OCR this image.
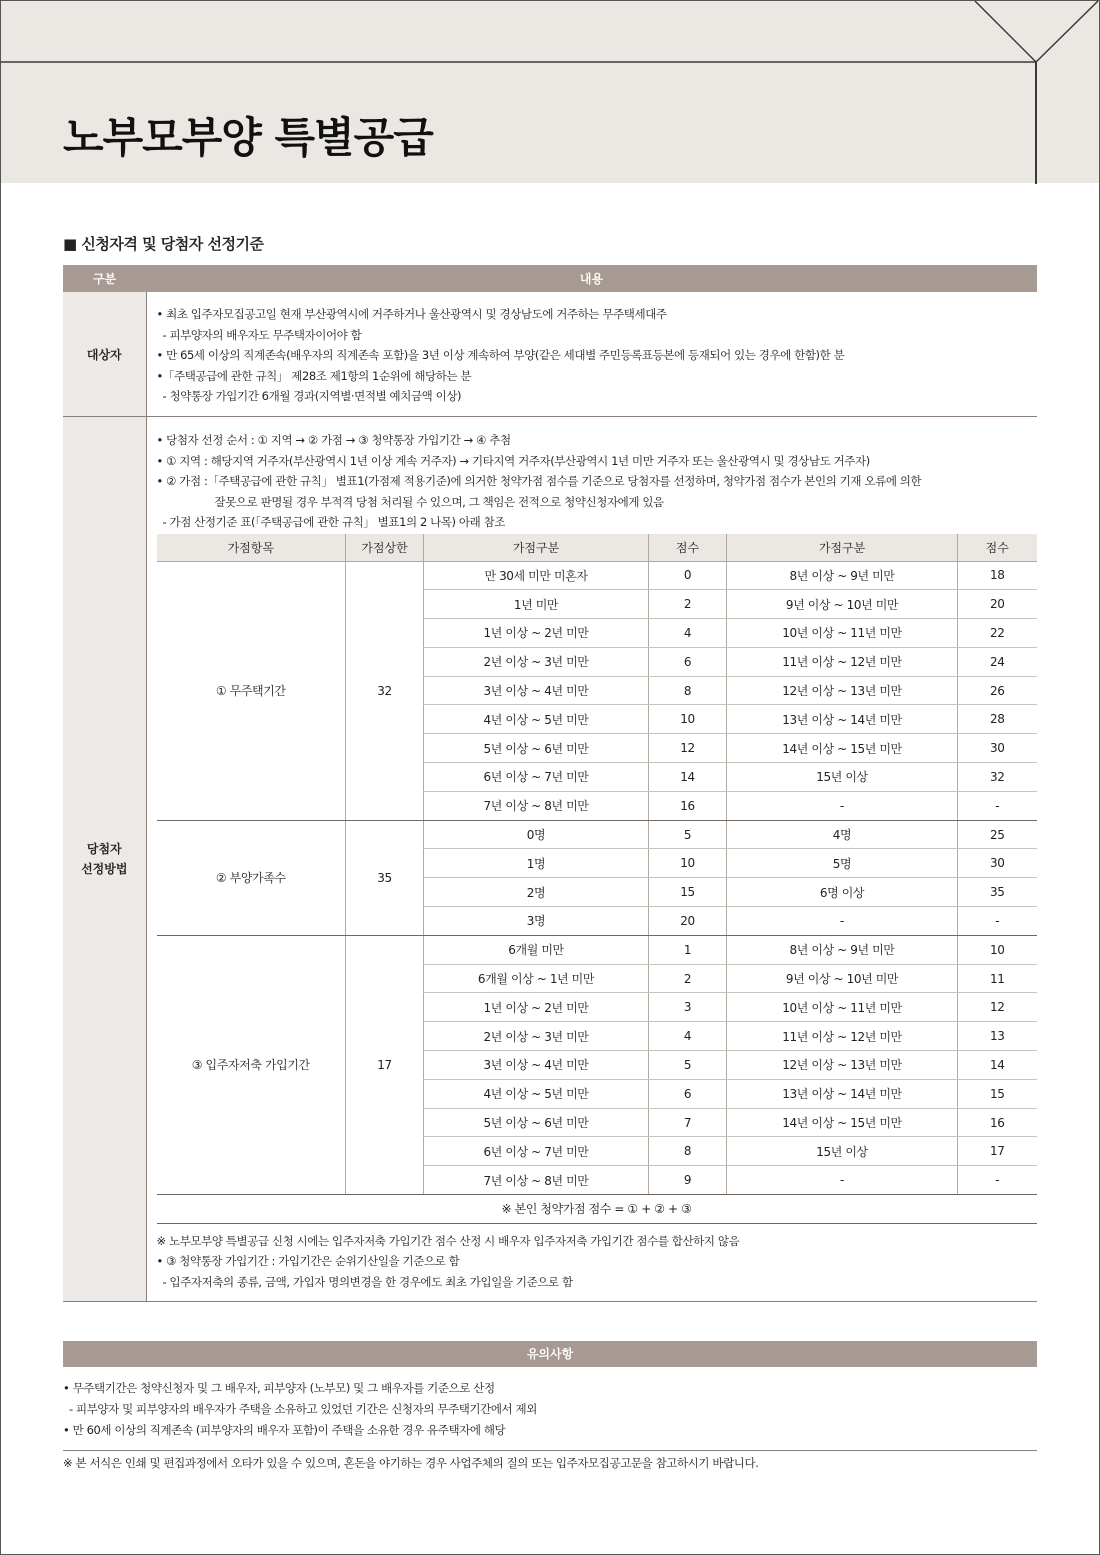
노부모부양 특별공급
■ 신청자격 및 당첨자 선정기준
구분	내용
대상자	
• 최초 입주자모집공고일 현재 부산광역시에 거주하거나 울산광역시 및 경상남도에 거주하는 무주택세대주
- 피부양자의 배우자도 무주택자이어야 함
• 만 65세 이상의 직계존속(배우자의 직계존속 포함)을 3년 이상 계속하여 부양(같은 세대별 주민등록표등본에 등재되어 있는 경우에 한함)한 분
•「주택공급에 관한 규칙」 제28조 제1항의 1순위에 해당하는 분
- 청약통장 가입기간 6개월 경과(지역별·면적별 예치금액 이상)

당첨자
선정방법

• 당첨자 선정 순서 : ① 지역 → ② 가점 → ③ 청약통장 가입기간 → ④ 추첨
• ① 지역 : 해당지역 거주자(부산광역시 1년 이상 계속 거주자) → 기타지역 거주자(부산광역시 1년 미만 거주자 또는 울산광역시 및 경상남도 거주자)
• ② 가점 :「주택공급에 관한 규칙」 별표1(가점제 적용기준)에 의거한 청약가점 점수를 기준으로 당첨자를 선정하며, 청약가점 점수가 본인의 기재 오류에 의한
잘못으로 판명될 경우 부적격 당첨 처리될 수 있으며, 그 책임은 전적으로 청약신청자에게 있음
- 가점 산정기준 표(「주택공급에 관한 규칙」 별표1의 2 나목) 아래 참조
가점항목	가점상한	가점구분	점수	가점구분	점수
① 무주택기간	32	만 30세 미만 미혼자	0	8년 이상 ~ 9년 미만	18
1년 미만	2	9년 이상 ~ 10년 미만	20
1년 이상 ~ 2년 미만	4	10년 이상 ~ 11년 미만	22
2년 이상 ~ 3년 미만	6	11년 이상 ~ 12년 미만	24
3년 이상 ~ 4년 미만	8	12년 이상 ~ 13년 미만	26
4년 이상 ~ 5년 미만	10	13년 이상 ~ 14년 미만	28
5년 이상 ~ 6년 미만	12	14년 이상 ~ 15년 미만	30
6년 이상 ~ 7년 미만	14	15년 이상	32
7년 이상 ~ 8년 미만	16	-	-
② 부양가족수	35	0명	5	4명	25
1명	10	5명	30
2명	15	6명 이상	35
3명	20	-	-
③ 입주자저축 가입기간	17	6개월 미만	1	8년 이상 ~ 9년 미만	10
6개월 이상 ~ 1년 미만	2	9년 이상 ~ 10년 미만	11
1년 이상 ~ 2년 미만	3	10년 이상 ~ 11년 미만	12
2년 이상 ~ 3년 미만	4	11년 이상 ~ 12년 미만	13
3년 이상 ~ 4년 미만	5	12년 이상 ~ 13년 미만	14
4년 이상 ~ 5년 미만	6	13년 이상 ~ 14년 미만	15
5년 이상 ~ 6년 미만	7	14년 이상 ~ 15년 미만	16
6년 이상 ~ 7년 미만	8	15년 이상	17
7년 이상 ~ 8년 미만	9	-	-
※ 본인 청약가점 점수 = ① + ② + ③
※ 노부모부양 특별공급 신청 시에는 입주자저축 가입기간 점수 산정 시 배우자 입주자저축 가입기간 점수를 합산하지 않음
• ③ 청약통장 가입기간 : 가입기간은 순위기산일을 기준으로 함
- 입주자저축의 종류, 금액, 가입자 명의변경을 한 경우에도 최초 가입일을 기준으로 함
유의사항
• 무주택기간은 청약신청자 및 그 배우자, 피부양자 (노부모) 및 그 배우자를 기준으로 산정
- 피부양자 및 피부양자의 배우자가 주택을 소유하고 있었던 기간은 신청자의 무주택기간에서 제외
• 만 60세 이상의 직계존속 (피부양자의 배우자 포함)이 주택을 소유한 경우 유주택자에 해당
※ 본 서식은 인쇄 및 편집과정에서 오타가 있을 수 있으며, 혼돈을 야기하는 경우 사업주체의 질의 또는 입주자모집공고문을 참고하시기 바랍니다.
